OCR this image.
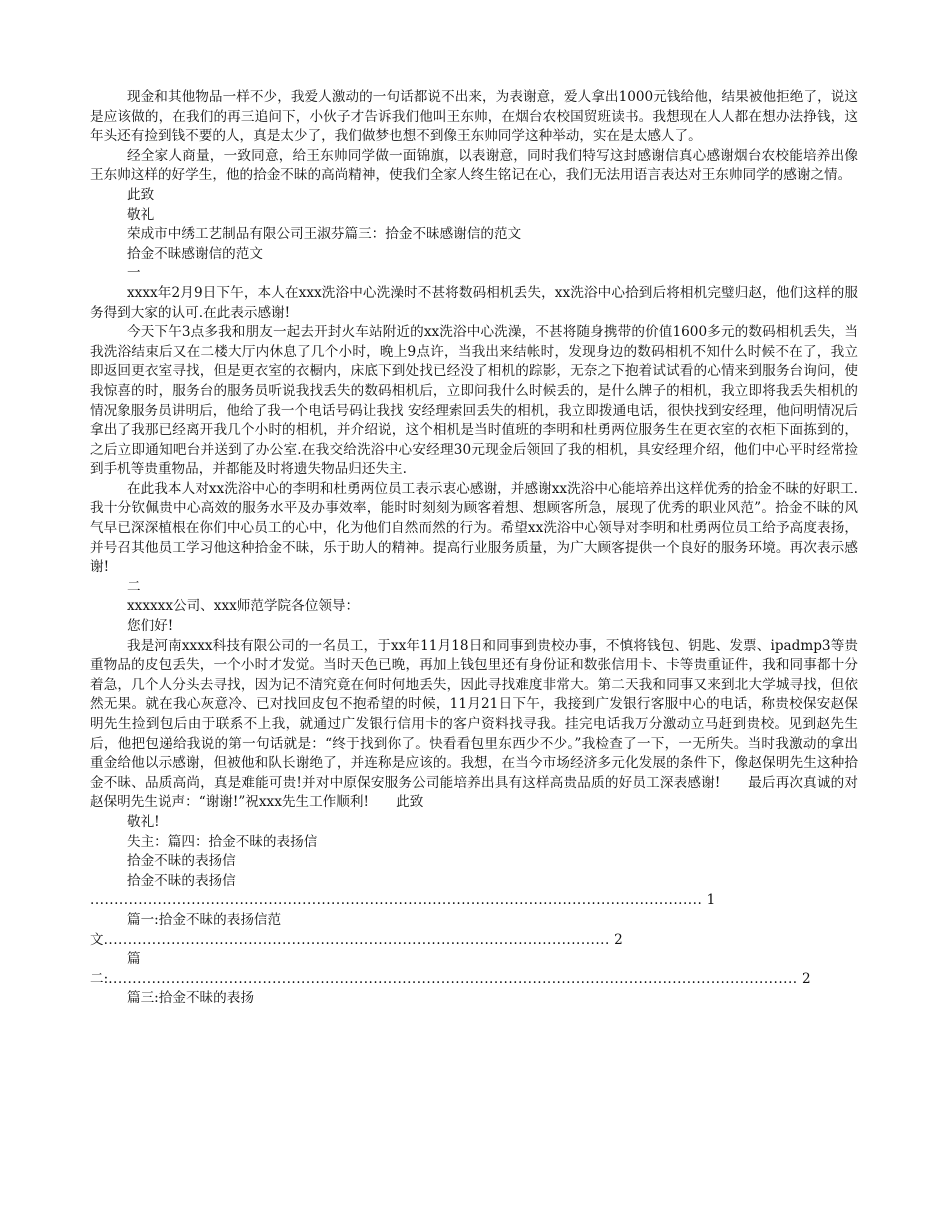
现金和其他物品一样不少，我爱人激动的一句话都说不出来，为表谢意，爱人拿出1000元钱给他，结果被他拒绝了，说这是应该做的，在我们的再三追问下，小伙子才告诉我们他叫王东帅，在烟台农校国贸班读书。我想现在人人都在想办法挣钱，这年头还有捡到钱不要的人，真是太少了，我们做梦也想不到像王东帅同学这种举动，实在是太感人了。
经全家人商量，一致同意，给王东帅同学做一面锦旗，以表谢意，同时我们特写这封感谢信真心感谢烟台农校能培养出像王东帅这样的好学生，他的拾金不昧的高尚精神，使我们全家人终生铭记在心，我们无法用语言表达对王东帅同学的感谢之情。
此致
敬礼
荣成市中绣工艺制品有限公司王淑芬篇三：拾金不昧感谢信的范文
拾金不昧感谢信的范文
一
xxxx年2月9日下午，本人在xxx洗浴中心洗澡时不甚将数码相机丢失，xx洗浴中心拾到后将相机完璧归赵，他们这样的服务得到大家的认可.在此表示感谢!
今天下午3点多我和朋友一起去开封火车站附近的xx洗浴中心洗澡，不甚将随身携带的价值1600多元的数码相机丢失，当我洗浴结束后又在二楼大厅内休息了几个小时，晚上9点许，当我出来结帐时，发现身边的数码相机不知什么时候不在了，我立即返回更衣室寻找，但是更衣室的衣橱内，床底下到处找已经没了相机的踪影，无奈之下抱着试试看的心情来到服务台询问，使我惊喜的时，服务台的服务员听说我找丢失的数码相机后，立即问我什么时候丢的，是什么牌子的相机，我立即将我丢失相机的情况象服务员讲明后，他给了我一个电话号码让我找 安经理索回丢失的相机，我立即拨通电话，很快找到安经理，他问明情况后拿出了我那已经离开我几个小时的相机，并介绍说，这个相机是当时值班的李明和杜勇两位服务生在更衣室的衣柜下面拣到的，之后立即通知吧台并送到了办公室.在我交给洗浴中心安经理30元现金后领回了我的相机，具安经理介绍，他们中心平时经常捡到手机等贵重物品，并都能及时将遗失物品归还失主.
在此我本人对xx洗浴中心的李明和杜勇两位员工表示衷心感谢，并感谢xx洗浴中心能培养出这样优秀的拾金不昧的好职工.我十分钦佩贵中心高效的服务水平及办事效率，能时时刻刻为顾客着想、想顾客所急，展现了优秀的职业风范”。拾金不昧的风气早已深深植根在你们中心员工的心中，化为他们自然而然的行为。希望xx洗浴中心领导对李明和杜勇两位员工给予高度表扬，并号召其他员工学习他这种拾金不昧，乐于助人的精神。提高行业服务质量，为广大顾客提供一个良好的服务环境。再次表示感谢!
二
xxxxxx公司、xxx师范学院各位领导：
您们好!
我是河南xxxx科技有限公司的一名员工，于xx年11月18日和同事到贵校办事，不慎将钱包、钥匙、发票、ipadmp3等贵重物品的皮包丢失，一个小时才发觉。当时天色已晚，再加上钱包里还有身份证和数张信用卡、卡等贵重证件，我和同事都十分着急，几个人分头去寻找，因为记不清究竟在何时何地丢失，因此寻找难度非常大。第二天我和同事又来到北大学城寻找，但依然无果。就在我心灰意冷、已对找回皮包不抱希望的时候，11月21日下午，我接到广发银行客服中心的电话，称贵校保安赵保明先生捡到包后由于联系不上我，就通过广发银行信用卡的客户资料找寻我。挂完电话我万分激动立马赶到贵校。见到赵先生后，他把包递给我说的第一句话就是：“终于找到你了。快看看包里东西少不少。”我检查了一下，一无所失。当时我激动的拿出重金给他以示感谢，但被他和队长谢绝了，并连称是应该的。我想，在当今市场经济多元化发展的条件下，像赵保明先生这种拾金不昧、品质高尚，真是难能可贵!并对中原保安服务公司能培养出具有这样高贵品质的好员工深表感谢!　　最后再次真诚的对赵保明先生说声：“谢谢!”祝xxx先生工作顺利!　　此致
敬礼!
失主：篇四：拾金不昧的表扬信
拾金不昧的表扬信
拾金不昧的表扬信
............................................................................................................................... 1
篇一:拾金不昧的表扬信范
文......................................................................................................... 2
篇
二:............................................................................................................................................... 2
篇三:拾金不昧的表扬
